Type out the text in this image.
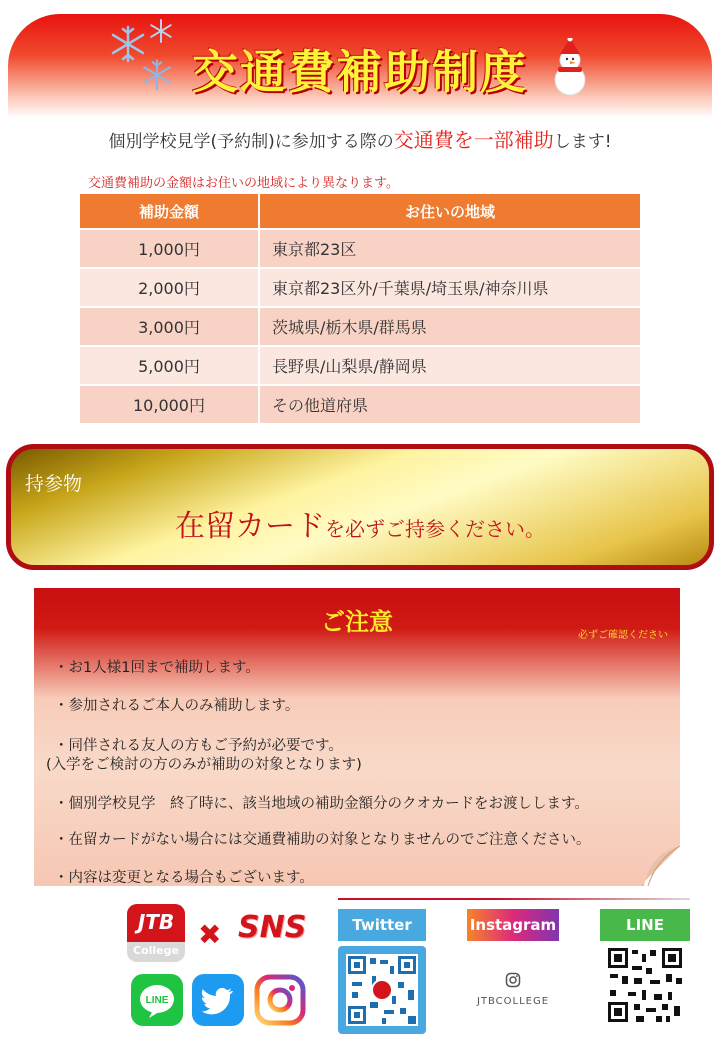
交通費補助制度
個別学校見学(予約制)に参加する際の交通費を一部補助します!
交通費補助の金額はお住いの地域により異なります。
補助金額	お住いの地域
1,000円	東京都23区
2,000円	東京都23区外/千葉県/埼玉県/神奈川県
3,000円	茨城県/栃木県/群馬県
5,000円	長野県/山梨県/静岡県
10,000円	その他道府県
持参物
在留カードを必ずご持参ください。
ご注意	必ずご確認ください
・お1人様1回まで補助します。
・参加されるご本人のみ補助します。
・同伴される友人の方もご予約が必要です。
(入学をご検討の方のみが補助の対象となります)
・個別学校見学　終了時に、該当地域の補助金額分のクオカードをお渡しします。
・在留カードがない場合には交通費補助の対象となりませんのでご注意ください。
・内容は変更となる場合もございます。
JTB
College ✖ SNS
LINE
Twitter	Instagram	LINE
JTBCOLLEGE
